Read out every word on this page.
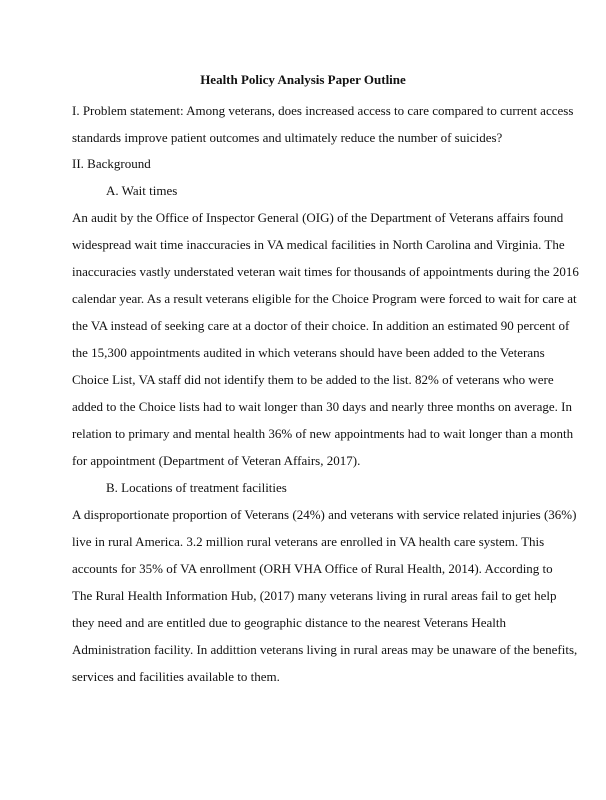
Health Policy Analysis Paper Outline
I. Problem statement: Among veterans, does increased access to care compared to current access
standards improve patient outcomes and ultimately reduce the number of suicides?
II. Background
A. Wait times
An audit by the Office of Inspector General (OIG) of the Department of Veterans affairs found
widespread wait time inaccuracies in VA medical facilities in North Carolina and Virginia. The
inaccuracies vastly understated veteran wait times for thousands of appointments during the 2016
calendar year. As a result veterans eligible for the Choice Program were forced to wait for care at
the VA instead of seeking care at a doctor of their choice. In addition an estimated 90 percent of
the 15,300 appointments audited in which veterans should have been added to the Veterans
Choice List, VA staff did not identify them to be added to the list. 82% of veterans who were
added to the Choice lists had to wait longer than 30 days and nearly three months on average. In
relation to primary and mental health 36% of new appointments had to wait longer than a month
for appointment (Department of Veteran Affairs, 2017).
B. Locations of treatment facilities
A disproportionate proportion of Veterans (24%) and veterans with service related injuries (36%)
live in rural America. 3.2 million rural veterans are enrolled in VA health care system. This
accounts for 35% of VA enrollment (ORH VHA Office of Rural Health, 2014). According to
The Rural Health Information Hub, (2017) many veterans living in rural areas fail to get help
they need and are entitled due to geographic distance to the nearest Veterans Health
Administration facility. In addittion veterans living in rural areas may be unaware of the benefits,
services and facilities available to them.
